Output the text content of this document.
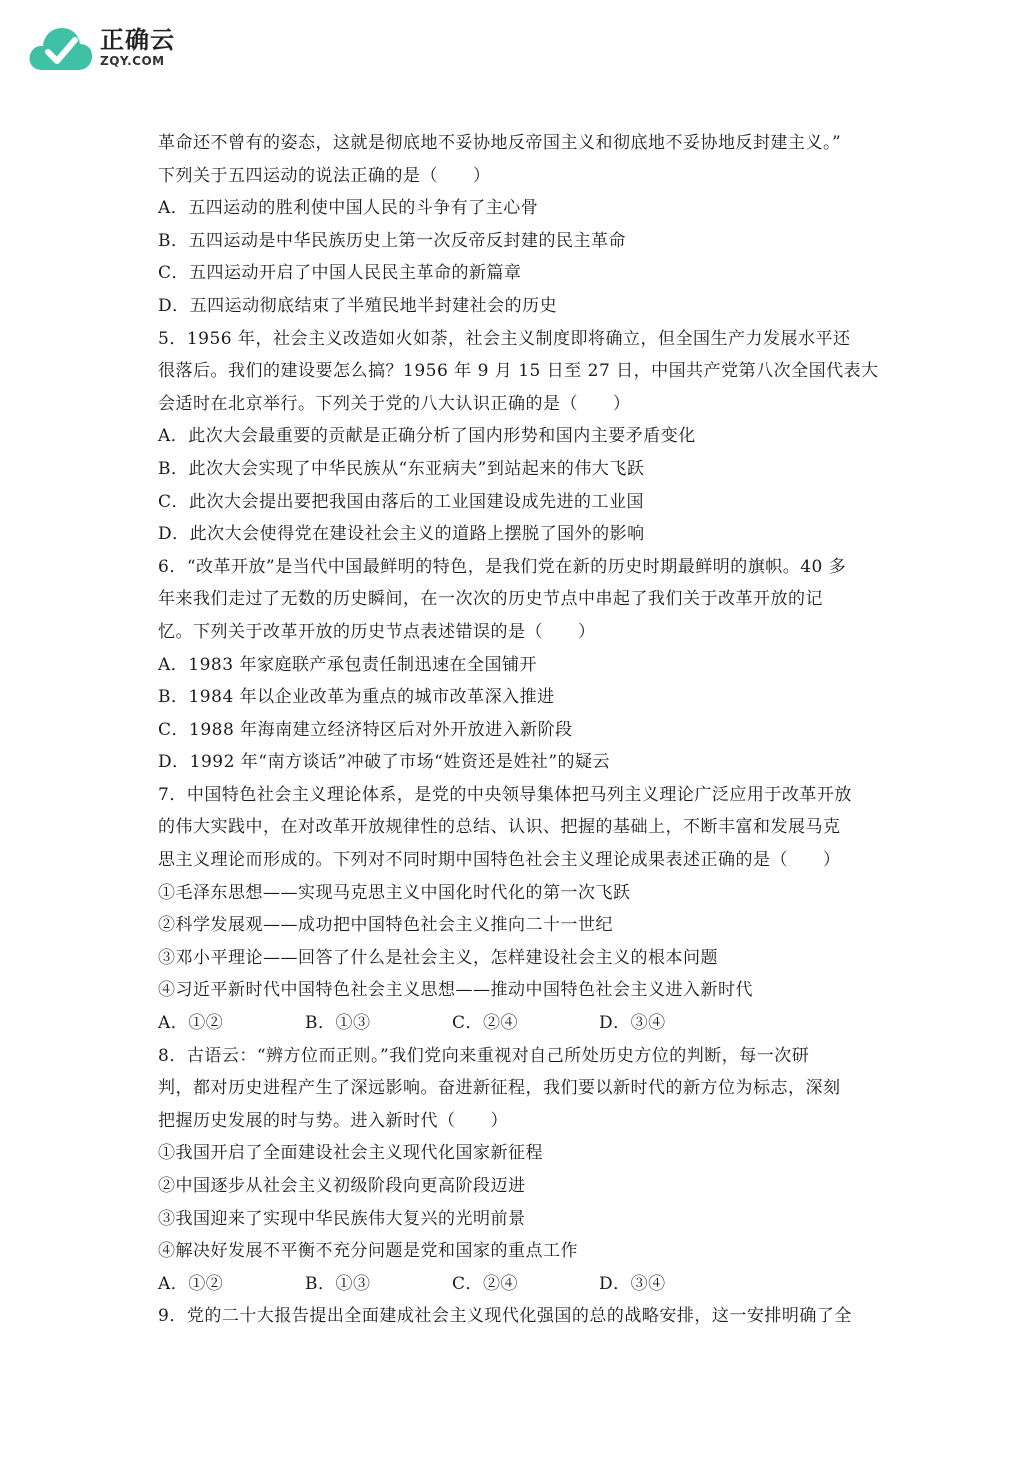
正确云
ZQY.COM
革命还不曾有的姿态，这就是彻底地不妥协地反帝国主义和彻底地不妥协地反封建主义。”
下列关于五四运动的说法正确的是（　　）
A．五四运动的胜利使中国人民的斗争有了主心骨
B．五四运动是中华民族历史上第一次反帝反封建的民主革命
C．五四运动开启了中国人民民主革命的新篇章
D．五四运动彻底结束了半殖民地半封建社会的历史
5．1956 年，社会主义改造如火如荼，社会主义制度即将确立，但全国生产力发展水平还
很落后。我们的建设要怎么搞？1956 年 9 月 15 日至 27 日，中国共产党第八次全国代表大
会适时在北京举行。下列关于党的八大认识正确的是（　　）
A．此次大会最重要的贡献是正确分析了国内形势和国内主要矛盾变化
B．此次大会实现了中华民族从“东亚病夫”到站起来的伟大飞跃
C．此次大会提出要把我国由落后的工业国建设成先进的工业国
D．此次大会使得党在建设社会主义的道路上摆脱了国外的影响
6．“改革开放”是当代中国最鲜明的特色，是我们党在新的历史时期最鲜明的旗帜。40 多
年来我们走过了无数的历史瞬间，在一次次的历史节点中串起了我们关于改革开放的记
忆。下列关于改革开放的历史节点表述错误的是（　　）
A．1983 年家庭联产承包责任制迅速在全国铺开
B．1984 年以企业改革为重点的城市改革深入推进
C．1988 年海南建立经济特区后对外开放进入新阶段
D．1992 年“南方谈话”冲破了市场“姓资还是姓社”的疑云
7．中国特色社会主义理论体系，是党的中央领导集体把马列主义理论广泛应用于改革开放
的伟大实践中，在对改革开放规律性的总结、认识、把握的基础上，不断丰富和发展马克
思主义理论而形成的。下列对不同时期中国特色社会主义理论成果表述正确的是（　　）
①毛泽东思想——实现马克思主义中国化时代化的第一次飞跃
②科学发展观——成功把中国特色社会主义推向二十一世纪
③邓小平理论——回答了什么是社会主义，怎样建设社会主义的根本问题
④习近平新时代中国特色社会主义思想——推动中国特色社会主义进入新时代
A．①②	B．①③	C．②④	D．③④
8．古语云：“辨方位而正则。”我们党向来重视对自己所处历史方位的判断，每一次研
判，都对历史进程产生了深远影响。奋进新征程，我们要以新时代的新方位为标志，深刻
把握历史发展的时与势。进入新时代（　　）
①我国开启了全面建设社会主义现代化国家新征程
②中国逐步从社会主义初级阶段向更高阶段迈进
③我国迎来了实现中华民族伟大复兴的光明前景
④解决好发展不平衡不充分问题是党和国家的重点工作
A．①②	B．①③	C．②④	D．③④
9．党的二十大报告提出全面建成社会主义现代化强国的总的战略安排，这一安排明确了全
